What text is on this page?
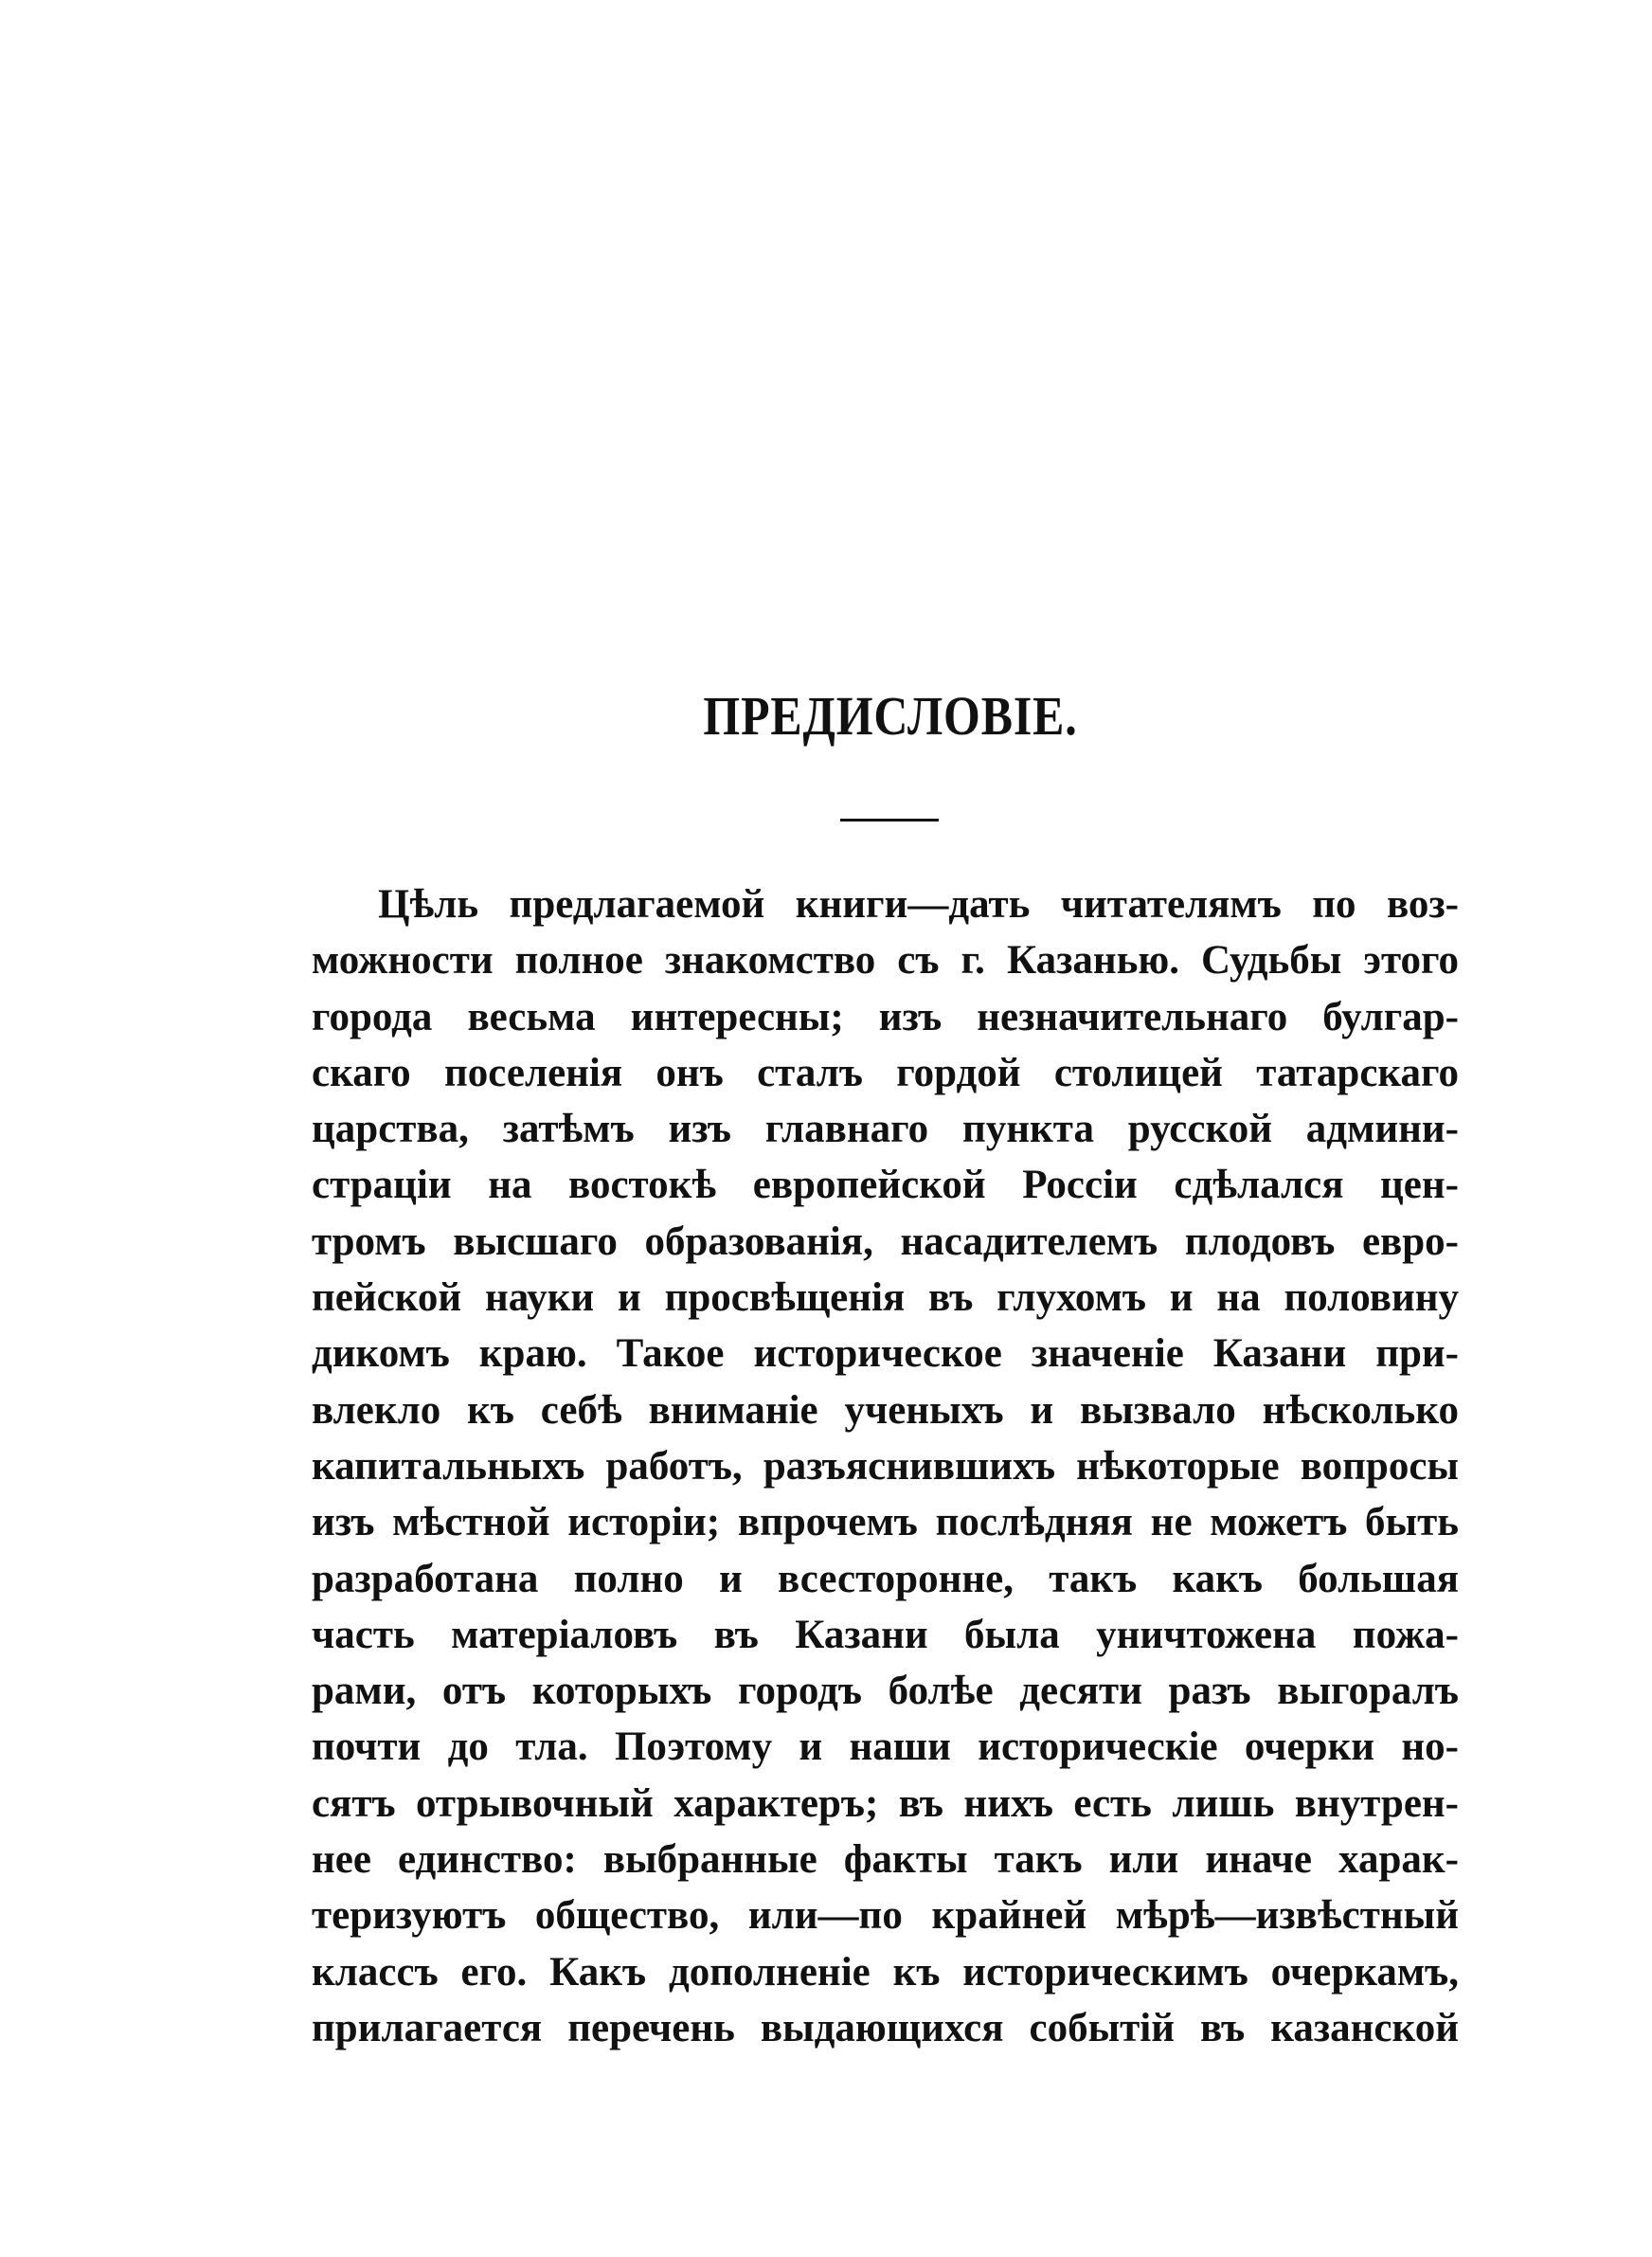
ПРЕДИСЛОВІЕ.
Цѣль предлагаемой книги—дать читателямъ по воз-
можности полное знакомство съ г. Казанью. Судьбы этого
города весьма интересны; изъ незначительнаго булгар-
скаго поселенія онъ сталъ гордой столицей татарскаго
царства, затѣмъ изъ главнаго пункта русской админи-
страціи на востокѣ европейской Россіи сдѣлался цен-
тромъ высшаго образованія, насадителемъ плодовъ евро-
пейской науки и просвѣщенія въ глухомъ и на половину
дикомъ краю. Такое историческое значеніе Казани при-
влекло къ себѣ вниманіе ученыхъ и вызвало нѣсколько
капитальныхъ работъ, разъяснившихъ нѣкоторые вопросы
изъ мѣстной исторіи; впрочемъ послѣдняя не можетъ быть
разработана полно и всесторонне, такъ какъ большая
часть матеріаловъ въ Казани была уничтожена пожа-
рами, отъ которыхъ городъ болѣе десяти разъ выгоралъ
почти до тла. Поэтому и наши историческіе очерки но-
сятъ отрывочный характеръ; въ нихъ есть лишь внутрен-
нее единство: выбранные факты такъ или иначе харак-
теризуютъ общество, или—по крайней мѣрѣ—извѣстный
классъ его. Какъ дополненіе къ историческимъ очеркамъ,
прилагается перечень выдающихся событій въ казанской
